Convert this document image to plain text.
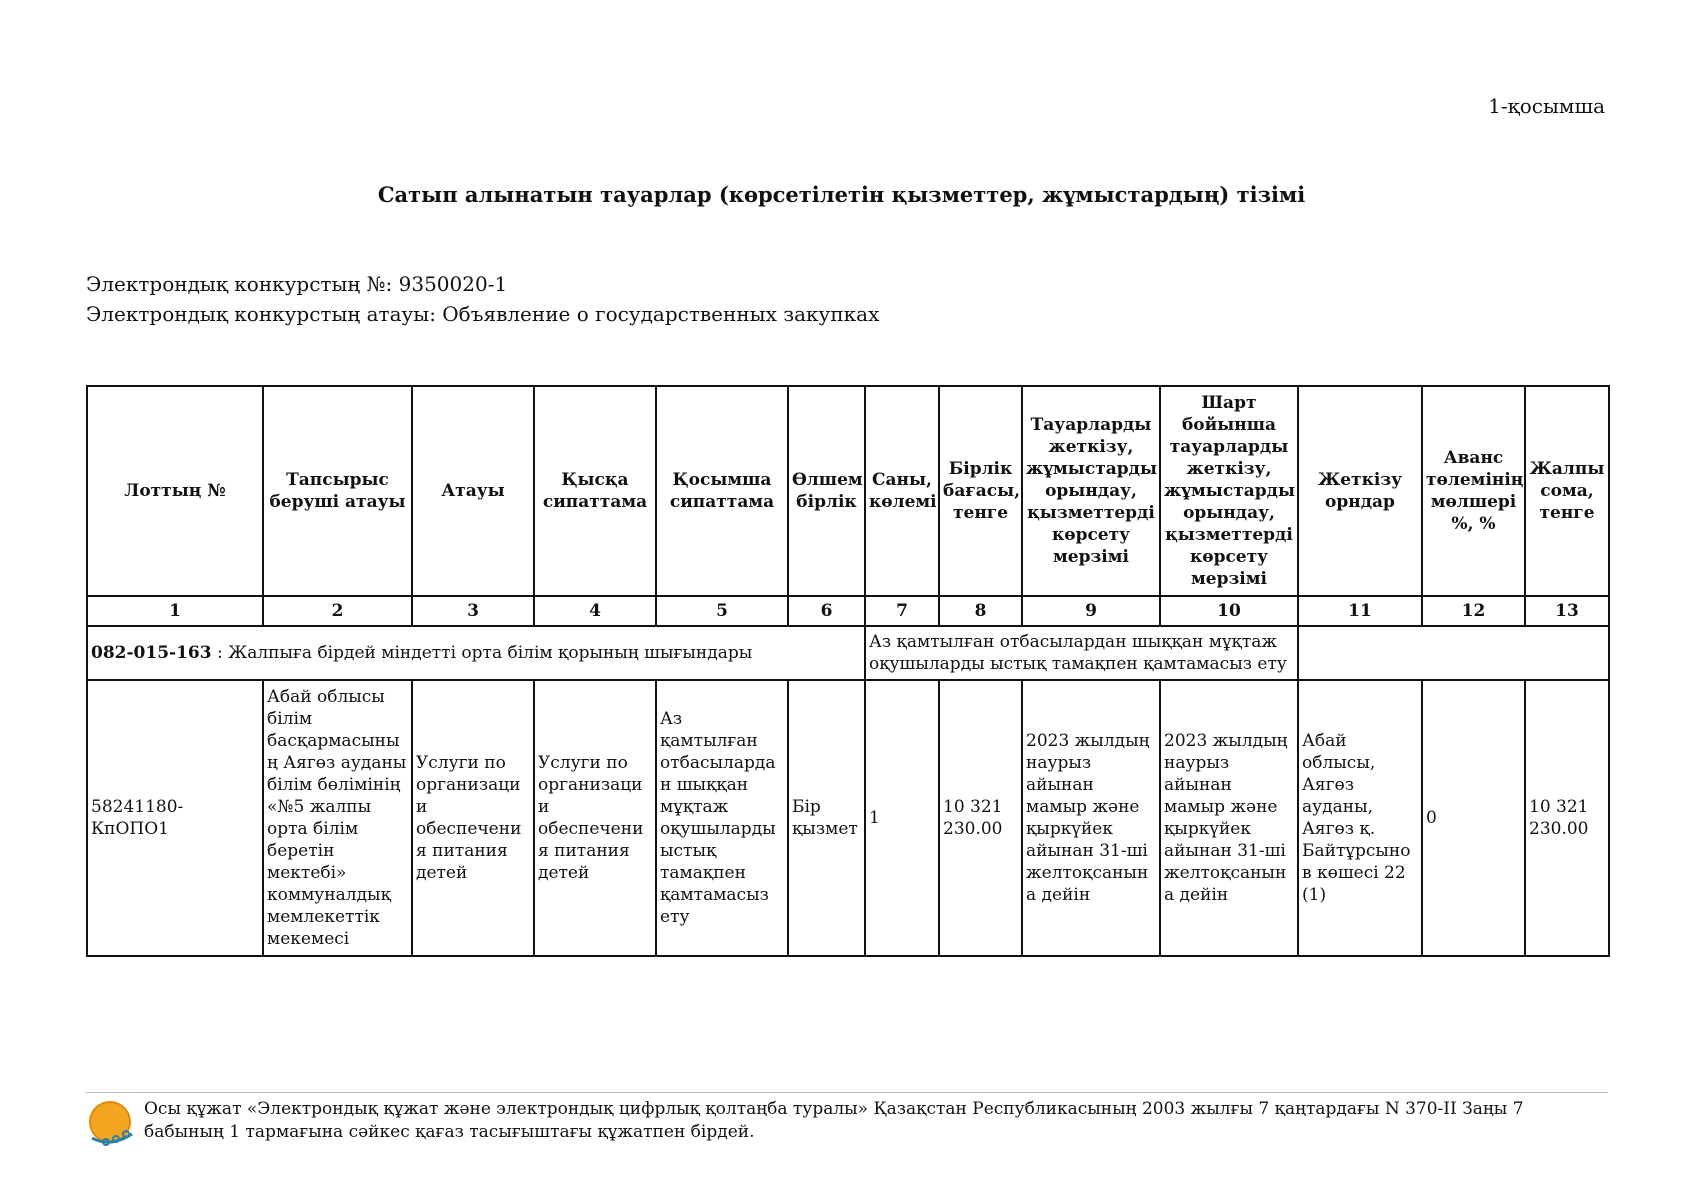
1-қосымша
Сатып алынатын тауарлар (көрсетілетін қызметтер, жұмыстардың) тізімі
Электрондық конкурстың №: 9350020-1
Электрондық конкурстың атауы: Объявление о государственных закупках
Лоттың №	Тапсырыс беруші атауы	Атауы	Қысқа сипаттама	Қосымша сипаттама	Өлшем бірлік	Саны, көлемі	Бірлік бағасы, тенге	Тауарларды жеткізу, жұмыстарды орындау, қызметтерді көрсету мерзімі	Шарт бойынша тауарларды жеткізу, жұмыстарды орындау, қызметтерді көрсету мерзімі	Жеткізу орндар	Аванс төлемінің мөлшері %, %	Жалпы сома, тенге
1	2	3	4	5	6	7	8	9	10	11	12	13
082-015-163 : Жалпыға бірдей міндетті орта білім қорының шығындары						Аз қамтылған отбасылардан шыққан мұқтаж оқушыларды ыстық тамақпен қамтамасыз ету						
58241180-КпОПО1	Абай облысы білім басқармасының Аягөз ауданы білім бөлімінің «№5 жалпы орта білім беретін мектебі» коммуналдық мемлекеттік мекемесі	Услуги по организации обеспечения питания детей	Услуги по организации обеспечения питания детей	Аз қамтылған отбасылардан шыққан мұқтаж оқушыларды ыстық тамақпен қамтамасыз ету	Бір қызмет	1	10 321 230.00	2023 жылдың наурыз айынан мамыр және қыркүйек айынан 31-ші желтоқсанына дейін	2023 жылдың наурыз айынан мамыр және қыркүйек айынан 31-ші желтоқсанына дейін	Абай облысы, Аягөз ауданы, Аягөз қ. Байтұрсынов көшесі 22 (1)	0	10 321 230.00
Осы құжат «Электрондық құжат және электрондық цифрлық қолтаңба туралы» Қазақстан Республикасының 2003 жылғы 7 қаңтардағы N 370-II Заңы 7 бабының 1 тармағына сәйкес қағаз тасығыштағы құжатпен бірдей.
